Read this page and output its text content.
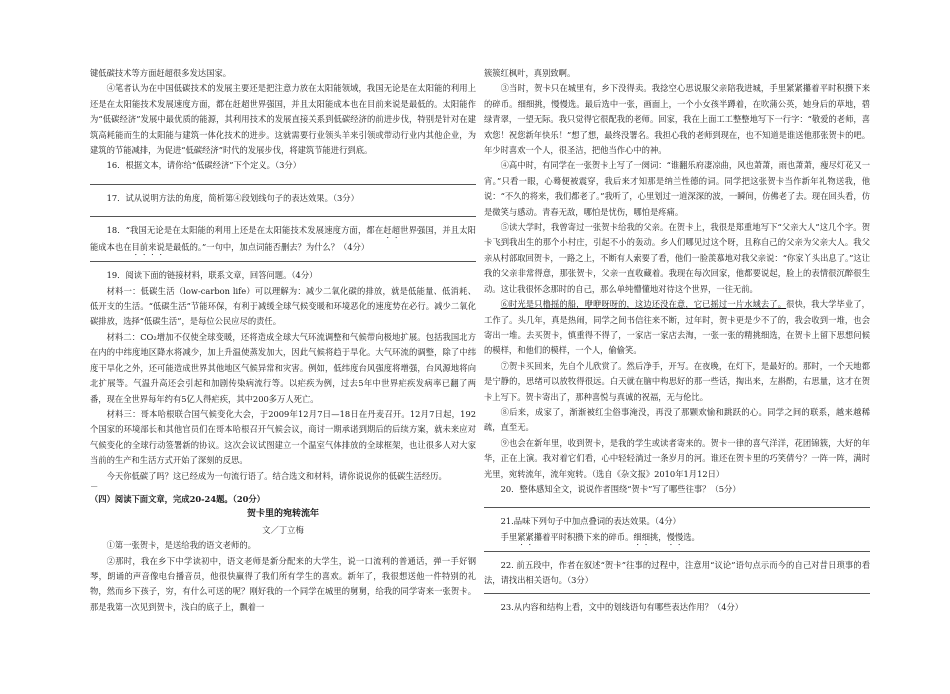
键低碳技术等方面赶超很多发达国家。

④笔者认为在中国低碳技术的发展主要还是把注意力放在太阳能领域，我国无论是在太阳能的利用上还是在太阳能技术发展速度方面，都在赶超世界强国，并且太阳能成本也在目前来说是最低的。太阳能作为“低碳经济”发展中最优质的能源，其利用技术的发展直接关系到低碳经济的前进步伐，特别是针对在建筑高耗能而生的太阳能与建筑一体化技术的进步。这就需要行业领头羊来引领或带动行业内其他企业，为建筑的节能减排，为促进“低碳经济”时代的发展步伐，将建筑节能进行到底。

16．根据文本，请你给“低碳经济”下个定义。（3分）

17．试从说明方法的角度，简析第④段划线句子的表达效果。（3分）

18．“我国无论是在太阳能的利用上还是在太阳能技术发展速度方面，都在赶超世界强国，并且太阳能成本也在目前来说是最低的。”一句中，加点词能否删去？为什么？（4分）

19．阅读下面的链接材料，联系文章，回答问题。（4分）

材料一：低碳生活（low-carbon life）可以理解为：减少二氧化碳的排放，就是低能量、低消耗、低开支的生活。“低碳生活”节能环保，有利于减缓全球气候变暖和环境恶化的速度势在必行。减少二氧化碳排放，选择“低碳生活”，是每位公民应尽的责任。

材料二：CO₂增加不仅使全球变暖，还将造成全球大气环流调整和气候带向极地扩展。包括我国北方在内的中纬度地区降水将减少，加上升温使蒸发加大，因此气候将趋于旱化。大气环流的调整，除了中纬度干旱化之外，还可能造成世界其他地区气候异常和灾害。例如，低纬度台风强度将增强，台风源地将向北扩展等。气温升高还会引起和加剧传染病流行等。以疟疾为例，过去5年中世界疟疾发病率已翻了两番，现在全世界每年约有5亿人得疟疾，其中200多万人死亡。

材料三：哥本哈根联合国气候变化大会，于2009年12月7日—18日在丹麦召开。12月7日起，192个国家的环境部长和其他官员们在哥本哈根召开气候会议，商讨一期承诺到期后的后续方案，就未来应对气候变化的全球行动签署新的协议。这次会议试图建立一个温室气体排放的全球框架，也让很多人对大家当前的生产和生活方式开始了深刻的反思。

今天你低碳了吗？这已经成为一句流行语了。结合选文和材料，请你说说你的低碳生活经历。

－

（四）阅读下面文章，完成20-24题。（20分）

贺卡里的宛转流年

文／丁立梅

①第一张贺卡，是送给我的语文老师的。

②那时，我在乡下中学读初中，语文老师是新分配来的大学生，说一口流利的普通话，弹一手好钢琴，朗诵的声音像电台播音员，他很快赢得了我们所有学生的喜欢。新年了，我很想送他一件特别的礼物，然而乡下孩子，穷，有什么可送的呢？刚好我的一个同学在城里的舅舅，给我的同学寄来一张贺卡。那是我第一次见到贺卡，浅白的底子上，飘着一

簇簇红枫叶，真别致啊。

③当时，贺卡只在城里有，乡下没得卖。我捻空心思说服父亲陪我进城，手里紧紧攥着平时积攒下来的碎币。细细挑，慢慢选。最后选中一张，画面上，一个小女孩半蹲着，在吹蒲公英，她身后的草地，碧绿青翠，一望无际。我只觉得它很配我的老师。回家，我在上面工工整整地写下一行字：“敬爱的老师，喜欢您！祝您新年快乐！”想了想，最终没署名。我担心我的老师到现在，也不知道是谁送他那张贺卡的吧。年少时喜欢一个人，很圣洁，把他当作心中的神。

④高中时，有同学在一张贺卡上写了一阕词：“谁翻乐府凄凉曲，风也萧萧，雨也萧萧，瘦尽灯花又一宵。”只看一眼，心蓦便被震穿，我后来才知那是纳兰性德的词。同学把这张贺卡当作新年礼物送我，他说：“不久的将来，我们都老了。”我听了，心里划过一道深深的波，一瞬间，仿佛老了去。现在回头看，仿是微笑与感动。青春无敌，哪怕是忧伤，哪怕是疼痛。

⑤读大学时，我曾寄过一张贺卡给我的父亲。在贺卡上，我很是郑重地写下“父亲大人”这几个字。贺卡飞到我出生的那个小村庄，引起不小的轰动。乡人们哪见过这个呀，且称自己的父亲为父亲大人。我父亲从村部取回贺卡，一路之上，不断有人索要了看，他们一脸羡慕地对我父亲说：“你家丫头出息了。”这让我的父亲非常得意，那张贺卡，父亲一直收藏着。我现在每次回家，他都要说起，脸上的表情很沉醉很生动。这让我很怀念那时的自己，那么单纯懵懂地对待这个世界，一往无前。

⑥时光是只橹摇的船，咿咿呀呀的，这边还没在意，它已摇过一片水域去了。很快，我大学毕业了，工作了。头几年，真是热闹，同学之间书信往来不断，过年时，贺卡更是少不了的，我会收到一堆，也会寄出一堆。去买贺卡，慎重得不得了，一家店一家店去淘，一张一张的精挑细选，在贺卡上留下思想问候的模样，和他们的模样，一个人，偷偷笑。

⑦贺卡买回来，先自个儿欣赏了。然后净手，开写。在夜晚，在灯下，是最好的。那时，一个天地都是宁静的，思绪可以放牧得很远。白天就在脑中构思好的那一些话，掏出来，左斟酌，右思量，这才在贺卡上写下。贺卡寄出了，那种喜悦与真诚的祝福，无与伦比。

⑧后来，成家了，渐渐被红尘俗事淹没，再没了那颗欢愉和跳跃的心。同学之间的联系，越来越稀疏，直至无。

⑨也会在新年里，收到贺卡，是我的学生或读者寄来的。贺卡一律的喜气洋洋，花团锦簇，大好的年华，正在上演。我对着它们看，心中轻轻淌过一条岁月的河。谁还在贺卡里的巧笑倩兮？一阵一阵，满时光里，宛转流年，流年宛转。（选自《杂文报》2010年1月12日）

20．整体感知全文，说说作者围绕“贺卡”写了哪些往事？（5分）

21.品味下列句子中加点叠词的表达效果。（4分）

手里紧紧攥着平时积攒下来的碎币。细细挑，慢慢选。

22. 前五段中，作者在叙述“贺卡”往事的过程中，注意用“议论”语句点示而今的自己对昔日琐事的看法，请找出相关语句。（3分）

23.从内容和结构上看，文中的划线语句有哪些表达作用？（4分）
